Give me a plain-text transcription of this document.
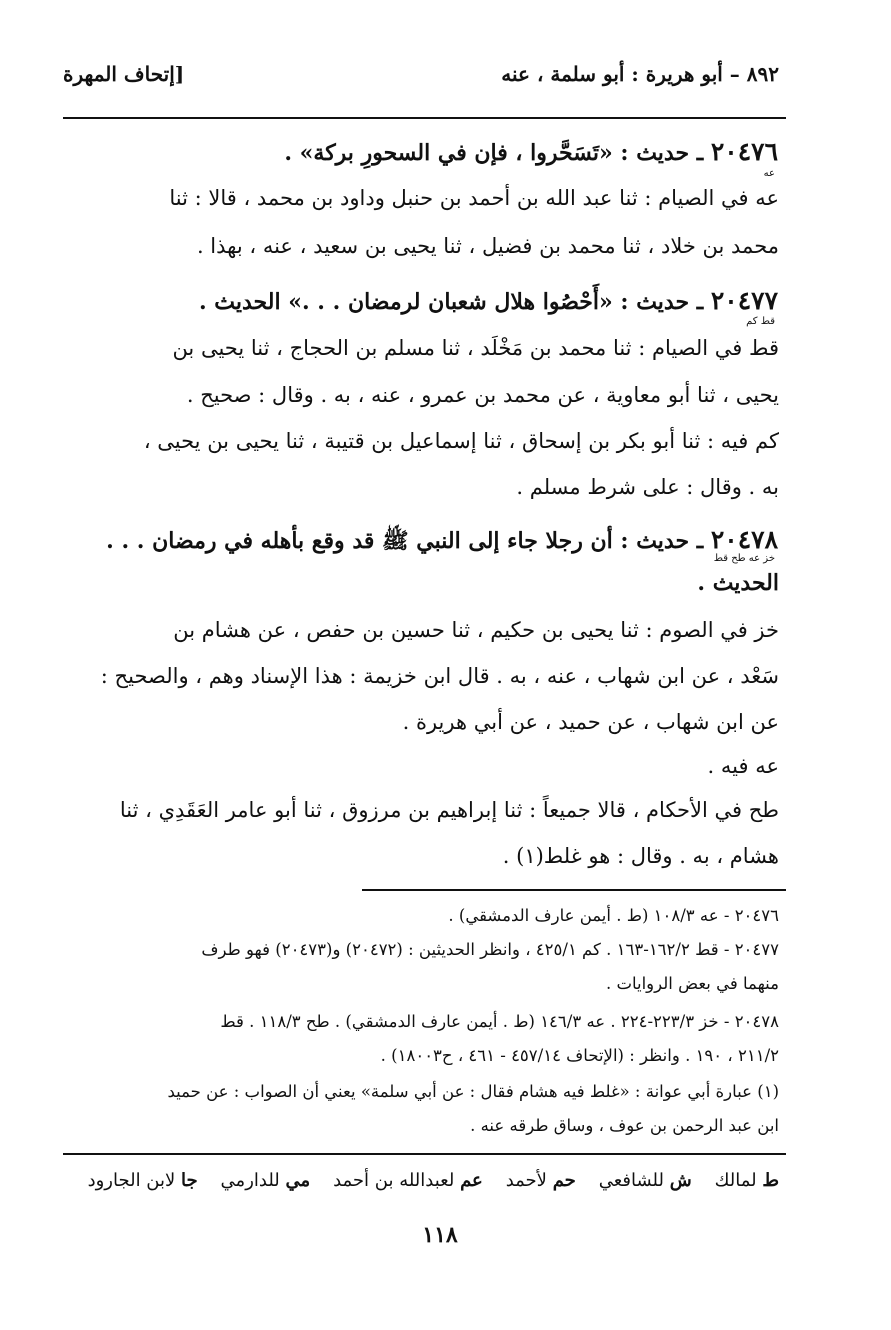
٨٩٢ – أبو هريرة : أبو سلمة ، عنه
[إتحاف المهرة
٢٠٤٧٦ ـ حديث : «تَسَحَّروا ، فإن في السحورِ بركة» .
عه
عه في الصيام : ثنا عبد الله بن أحمد بن حنبل وداود بن محمد ، قالا : ثنا
محمد بن خلاد ، ثنا محمد بن فضيل ، ثنا يحيى بن سعيد ، عنه ، بهذا .
٢٠٤٧٧ ـ حديث : «أَحْصُوا هلال شعبان لرمضان . . .» الحديث .
قط كم
قط في الصيام : ثنا محمد بن مَخْلَد ، ثنا مسلم بن الحجاج ، ثنا يحيى بن
يحيى ، ثنا أبو معاوية ، عن محمد بن عمرو ، عنه ، به . وقال : صحيح .
كم فيه : ثنا أبو بكر بن إسحاق ، ثنا إسماعيل بن قتيبة ، ثنا يحيى بن يحيى ،
به . وقال : على شرط مسلم .
٢٠٤٧٨ ـ حديث : أن رجلا جاء إلى النبي ﷺ قد وقع بأهله في رمضان . . .
خز عه طح قط
الحديث .
خز في الصوم : ثنا يحيى بن حكيم ، ثنا حسين بن حفص ، عن هشام بن
سَعْد ، عن ابن شهاب ، عنه ، به . قال ابن خزيمة : هذا الإسناد وهم ، والصحيح :
عن ابن شهاب ، عن حميد ، عن أبي هريرة .
عه فيه .
طح في الأحكام ، قالا جميعاً : ثنا إبراهيم بن مرزوق ، ثنا أبو عامر العَقَدِي ، ثنا
هشام ، به . وقال : هو غلط(١) .
٢٠٤٧٦ - عه ١٠٨/٣ (ط . أيمن عارف الدمشقي) .
٢٠٤٧٧ - قط ١٦٢/٢-١٦٣ . كم ٤٢٥/١ ، وانظر الحديثين : (٢٠٤٧٢) و(٢٠٤٧٣) فهو طرف
منهما في بعض الروايات .
٢٠٤٧٨ - خز ٢٢٣/٣-٢٢٤ . عه ١٤٦/٣ (ط . أيمن عارف الدمشقي) . طح ١١٨/٣ . قط
٢١١/٢ ، ١٩٠ . وانظر : (الإتحاف ٤٥٧/١٤ - ٤٦١ ، ح١٨٠٠٣) .
(١) عبارة أبي عوانة : «غلط فيه هشام فقال : عن أبي سلمة» يعني أن الصواب : عن حميد
ابن عبد الرحمن بن عوف ، وساق طرقه عنه .
ط لمالك    ش للشافعي    حم لأحمد    عم لعبدالله بن أحمد    مي للدارمي    جا لابن الجارود
١١٨
